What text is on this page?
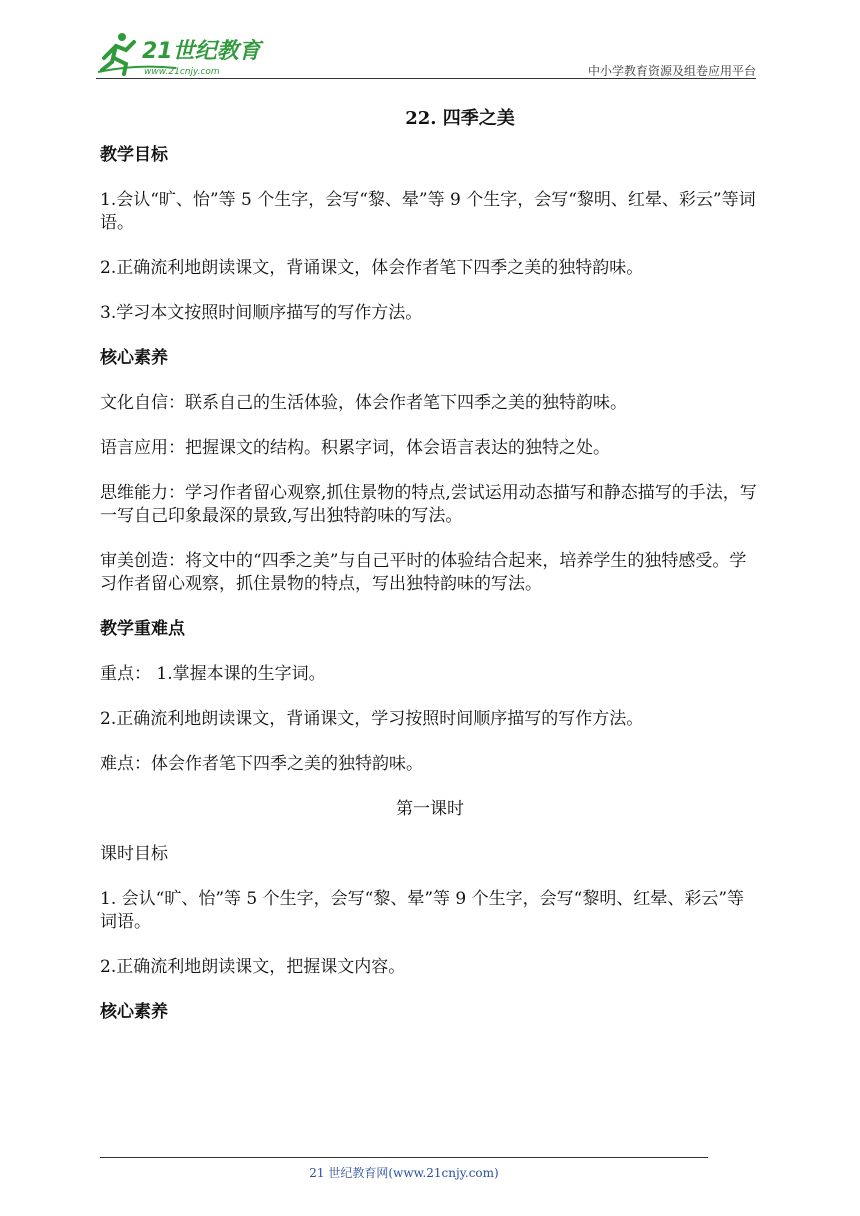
21世纪教育
www.21cnjy.com	中小学教育资源及组卷应用平台
22. 四季之美

教学目标

1.会认“旷、怡”等 5 个生字，会写“黎、晕”等 9 个生字，会写“黎明、红晕、彩云”等词语。

2.正确流利地朗读课文，背诵课文，体会作者笔下四季之美的独特韵味。

3.学习本文按照时间顺序描写的写作方法。

核心素养

文化自信：联系自己的生活体验，体会作者笔下四季之美的独特韵味。

语言应用：把握课文的结构。积累字词，体会语言表达的独特之处。

思维能力：学习作者留心观察,抓住景物的特点,尝试运用动态描写和静态描写的手法，写一写自己印象最深的景致,写出独特韵味的写法。

审美创造：将文中的“四季之美”与自己平时的体验结合起来，培养学生的独特感受。学习作者留心观察，抓住景物的特点，写出独特韵味的写法。

教学重难点

重点： 1.掌握本课的生字词。

2.正确流利地朗读课文，背诵课文，学习按照时间顺序描写的写作方法。

难点：体会作者笔下四季之美的独特韵味。

第一课时

课时目标

1. 会认“旷、怡”等 5 个生字，会写“黎、晕”等 9 个生字，会写“黎明、红晕、彩云”等词语。

2.正确流利地朗读课文，把握课文内容。

核心素养

21 世纪教育网(www.21cnjy.com)
